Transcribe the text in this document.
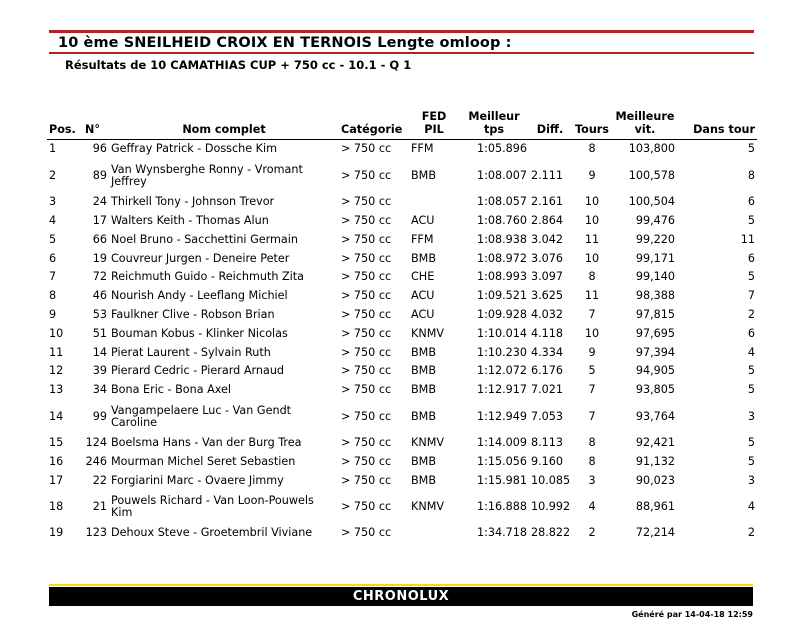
10 ème SNEILHEID CROIX EN TERNOIS Lengte omloop :
Résultats de 10 CAMATHIAS CUP + 750 cc - 10.1 - Q 1
Pos.	N°	Nom complet	Catégorie	FED PIL	Meilleur tps	Diff.	Tours	Meilleure vit.	Dans tour
1	96	Geffray Patrick - Dossche Kim	> 750 cc	FFM	1:05.896		8	103,800	5
2	89	Van Wynsberghe Ronny - Vromant Jeffrey	> 750 cc	BMB	1:08.007	2.111	9	100,578	8
3	24	Thirkell Tony - Johnson Trevor	> 750 cc		1:08.057	2.161	10	100,504	6
4	17	Walters Keith - Thomas Alun	> 750 cc	ACU	1:08.760	2.864	10	99,476	5
5	66	Noel Bruno - Sacchettini Germain	> 750 cc	FFM	1:08.938	3.042	11	99,220	11
6	19	Couvreur Jurgen - Deneire Peter	> 750 cc	BMB	1:08.972	3.076	10	99,171	6
7	72	Reichmuth Guido - Reichmuth Zita	> 750 cc	CHE	1:08.993	3.097	8	99,140	5
8	46	Nourish Andy - Leeflang Michiel	> 750 cc	ACU	1:09.521	3.625	11	98,388	7
9	53	Faulkner Clive - Robson Brian	> 750 cc	ACU	1:09.928	4.032	7	97,815	2
10	51	Bouman Kobus - Klinker Nicolas	> 750 cc	KNMV	1:10.014	4.118	10	97,695	6
11	14	Pierat Laurent - Sylvain Ruth	> 750 cc	BMB	1:10.230	4.334	9	97,394	4
12	39	Pierard Cedric - Pierard Arnaud	> 750 cc	BMB	1:12.072	6.176	5	94,905	5
13	34	Bona Eric - Bona Axel	> 750 cc	BMB	1:12.917	7.021	7	93,805	5
14	99	Vangampelaere Luc - Van Gendt Caroline	> 750 cc	BMB	1:12.949	7.053	7	93,764	3
15	124	Boelsma Hans - Van der Burg Trea	> 750 cc	KNMV	1:14.009	8.113	8	92,421	5
16	246	Mourman Michel Seret Sebastien	> 750 cc	BMB	1:15.056	9.160	8	91,132	5
17	22	Forgiarini Marc - Ovaere Jimmy	> 750 cc	BMB	1:15.981	10.085	3	90,023	3
18	21	Pouwels Richard - Van Loon-Pouwels Kim	> 750 cc	KNMV	1:16.888	10.992	4	88,961	4
19	123	Dehoux Steve - Groetembril Viviane	> 750 cc		1:34.718	28.822	2	72,214	2
CHRONOLUX
Généré par 14-04-18 12:59
